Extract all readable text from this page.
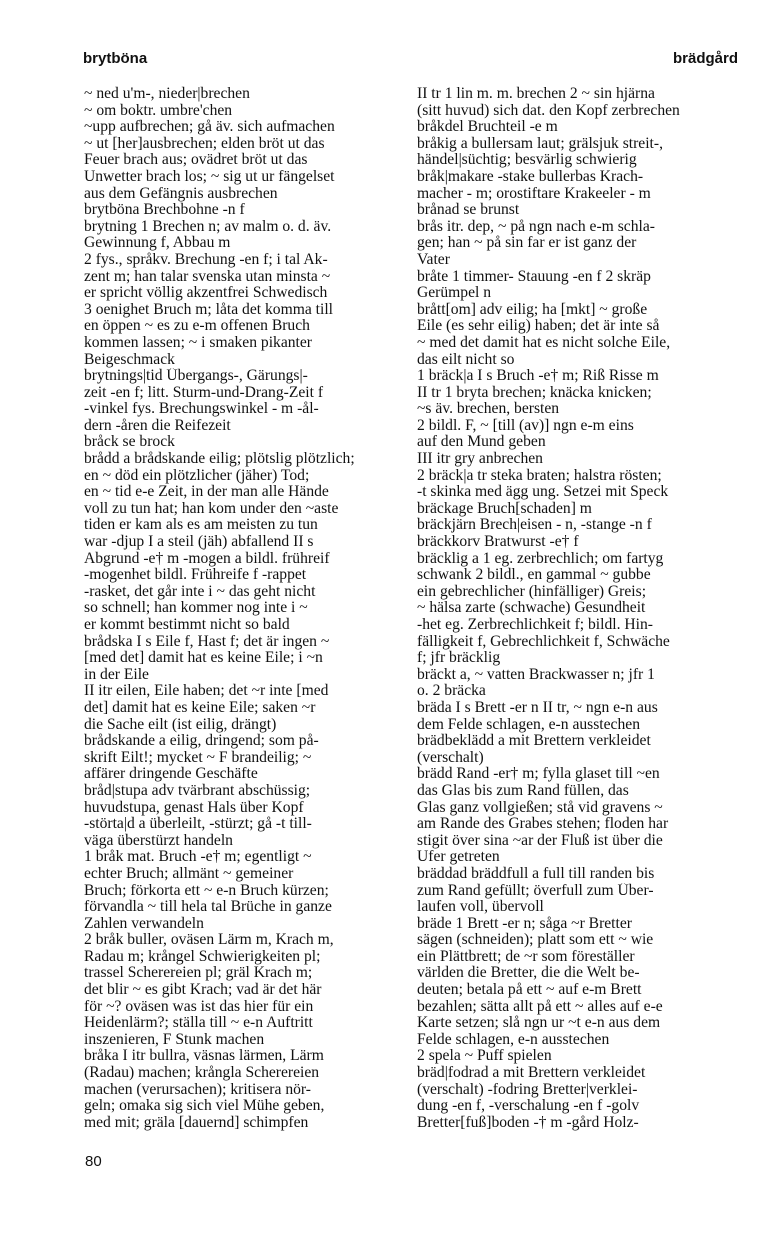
brytböna	brädgård
~ ned u'm-, nieder|brechen
~ om boktr. umbre'chen
~upp aufbrechen; gå äv. sich aufmachen
~ ut [her]ausbrechen; elden bröt ut das
Feuer brach aus; ovädret bröt ut das
Unwetter brach los; ~ sig ut ur fängelset
aus dem Gefängnis ausbrechen
brytböna Brechbohne -n f
brytning 1 Brechen n; av malm o. d. äv.
Gewinnung f, Abbau m
2 fys., språkv. Brechung -en f; i tal Ak-
zent m; han talar svenska utan minsta ~
er spricht völlig akzentfrei Schwedisch
3 oenighet Bruch m; låta det komma till
en öppen ~ es zu e-m offenen Bruch
kommen lassen; ~ i smaken pikanter
Beigeschmack
brytnings|tid Übergangs-, Gärungs|-
zeit -en f; litt. Sturm-und-Drang-Zeit f
-vinkel fys. Brechungswinkel - m -ål-
dern -åren die Reifezeit
bråck se brock
brådd a brådskande eilig; plötslig plötzlich;
en ~ död ein plötzlicher (jäher) Tod;
en ~ tid e-e Zeit, in der man alle Hände
voll zu tun hat; han kom under den ~aste
tiden er kam als es am meisten zu tun
war -djup I a steil (jäh) abfallend II s
Abgrund -e† m -mogen a bildl. frühreif
-mogenhet bildl. Frühreife f -rappet
-rasket, det går inte i ~ das geht nicht
so schnell; han kommer nog inte i ~
er kommt bestimmt nicht so bald
brådska I s Eile f, Hast f; det är ingen ~
[med det] damit hat es keine Eile; i ~n
in der Eile
II itr eilen, Eile haben; det ~r inte [med
det] damit hat es keine Eile; saken ~r
die Sache eilt (ist eilig, drängt)
brådskande a eilig, dringend; som på-
skrift Eilt!; mycket ~ F brandeilig; ~
affärer dringende Geschäfte
bråd|stupa adv tvärbrant abschüssig;
huvudstupa, genast Hals über Kopf
-störta|d a überleilt, -stürzt; gå -t till-
väga überstürzt handeln
1 bråk mat. Bruch -e† m; egentligt ~
echter Bruch; allmänt ~ gemeiner
Bruch; förkorta ett ~ e-n Bruch kürzen;
förvandla ~ till hela tal Brüche in ganze
Zahlen verwandeln
2 bråk buller, oväsen Lärm m, Krach m,
Radau m; krångel Schwierigkeiten pl;
trassel Scherereien pl; gräl Krach m;
det blir ~ es gibt Krach; vad är det här
för ~? oväsen was ist das hier für ein
Heidenlärm?; ställa till ~ e-n Auftritt
inszenieren, F Stunk machen
bråka I itr bullra, väsnas lärmen, Lärm
(Radau) machen; krångla Scherereien
machen (verursachen); kritisera nör-
geln; omaka sig sich viel Mühe geben,
med mit; gräla [dauernd] schimpfen
II tr 1 lin m. m. brechen 2 ~ sin hjärna
(sitt huvud) sich dat. den Kopf zerbrechen
bråkdel Bruchteil -e m
bråkig a bullersam laut; grälsjuk streit-,
händel|süchtig; besvärlig schwierig
bråk|makare -stake bullerbas Krach-
macher - m; orostiftare Krakeeler - m
brånad se brunst
brås itr. dep, ~ på ngn nach e-m schla-
gen; han ~ på sin far er ist ganz der
Vater
bråte 1 timmer- Stauung -en f 2 skräp
Gerümpel n
brått[om] adv eilig; ha [mkt] ~ große
Eile (es sehr eilig) haben; det är inte så
~ med det damit hat es nicht solche Eile,
das eilt nicht so
1 bräck|a I s Bruch -e† m; Riß Risse m
II tr 1 bryta brechen; knäcka knicken;
~s äv. brechen, bersten
2 bildl. F, ~ [till (av)] ngn e-m eins
auf den Mund geben
III itr gry anbrechen
2 bräck|a tr steka braten; halstra rösten;
-t skinka med ägg ung. Setzei mit Speck
bräckage Bruch[schaden] m
bräckjärn Brech|eisen - n, -stange -n f
bräckkorv Bratwurst -e† f
bräcklig a 1 eg. zerbrechlich; om fartyg
schwank 2 bildl., en gammal ~ gubbe
ein gebrechlicher (hinfälliger) Greis;
~ hälsa zarte (schwache) Gesundheit
-het eg. Zerbrechlichkeit f; bildl. Hin-
fälligkeit f, Gebrechlichkeit f, Schwäche
f; jfr bräcklig
bräckt a, ~ vatten Brackwasser n; jfr 1
o. 2 bräcka
bräda I s Brett -er n II tr, ~ ngn e-n aus
dem Felde schlagen, e-n ausstechen
brädbeklädd a mit Brettern verkleidet
(verschalt)
brädd Rand -er† m; fylla glaset till ~en
das Glas bis zum Rand füllen, das
Glas ganz vollgießen; stå vid gravens ~
am Rande des Grabes stehen; floden har
stigit över sina ~ar der Fluß ist über die
Ufer getreten
bräddad bräddfull a full till randen bis
zum Rand gefüllt; överfull zum Über-
laufen voll, übervoll
bräde 1 Brett -er n; såga ~r Bretter
sägen (schneiden); platt som ett ~ wie
ein Plättbrett; de ~r som föreställer
världen die Bretter, die die Welt be-
deuten; betala på ett ~ auf e-m Brett
bezahlen; sätta allt på ett ~ alles auf e-e
Karte setzen; slå ngn ur ~t e-n aus dem
Felde schlagen, e-n ausstechen
2 spela ~ Puff spielen
bräd|fodrad a mit Brettern verkleidet
(verschalt) -fodring Bretter|verklei-
dung -en f, -verschalung -en f -golv
Bretter[fuß]boden -† m -gård Holz-
80
